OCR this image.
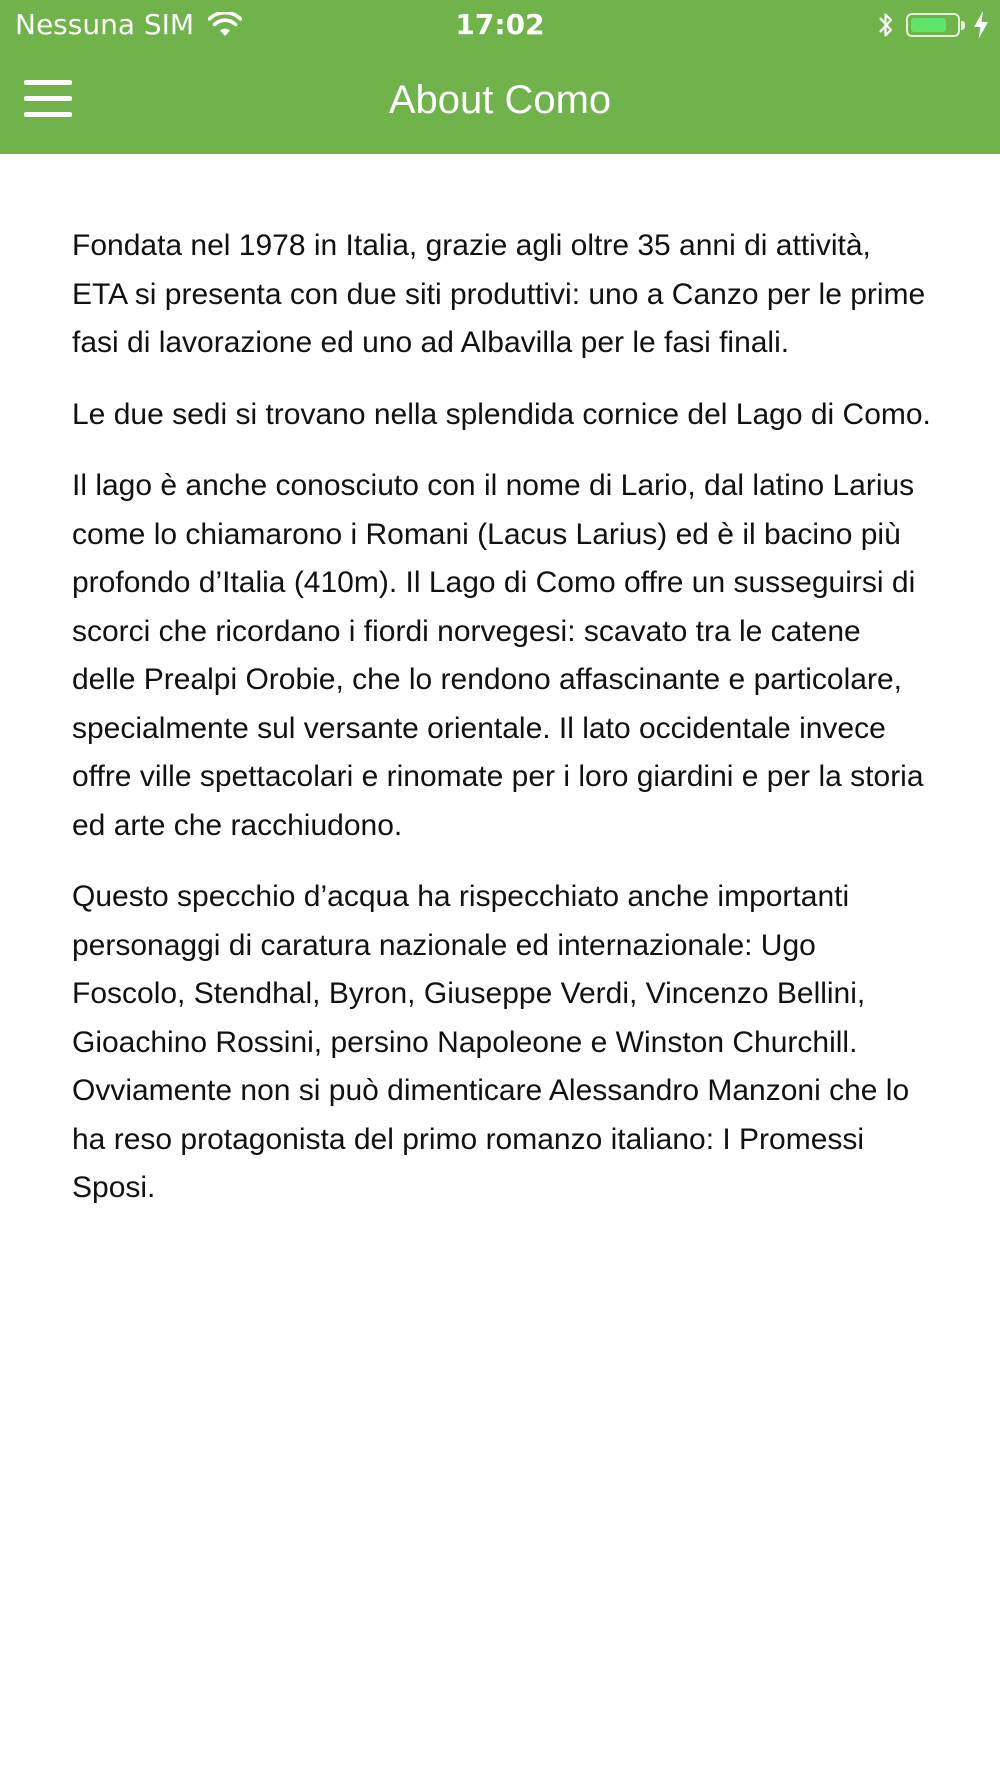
Nessuna SIM	17:02
About Como

Fondata nel 1978 in Italia, grazie agli oltre 35 anni di attività, ETA si presenta con due siti produttivi: uno a Canzo per le prime fasi di lavorazione ed uno ad Albavilla per le fasi finali.

Le due sedi si trovano nella splendida cornice del Lago di Como.

Il lago è anche conosciuto con il nome di Lario, dal latino Larius come lo chiamarono i Romani (Lacus Larius) ed è il bacino più profondo d’Italia (410m). Il Lago di Como offre un susseguirsi di scorci che ricordano i fiordi norvegesi: scavato tra le catene delle Prealpi Orobie, che lo rendono affascinante e particolare, specialmente sul versante orientale. Il lato occidentale invece offre ville spettacolari e rinomate per i loro giardini e per la storia ed arte che racchiudono.

Questo specchio d’acqua ha rispecchiato anche importanti personaggi di caratura nazionale ed internazionale: Ugo Foscolo, Stendhal, Byron, Giuseppe Verdi, Vincenzo Bellini, Gioachino Rossini, persino Napoleone e Winston Churchill. Ovviamente non si può dimenticare Alessandro Manzoni che lo ha reso protagonista del primo romanzo italiano: I Promessi Sposi.
